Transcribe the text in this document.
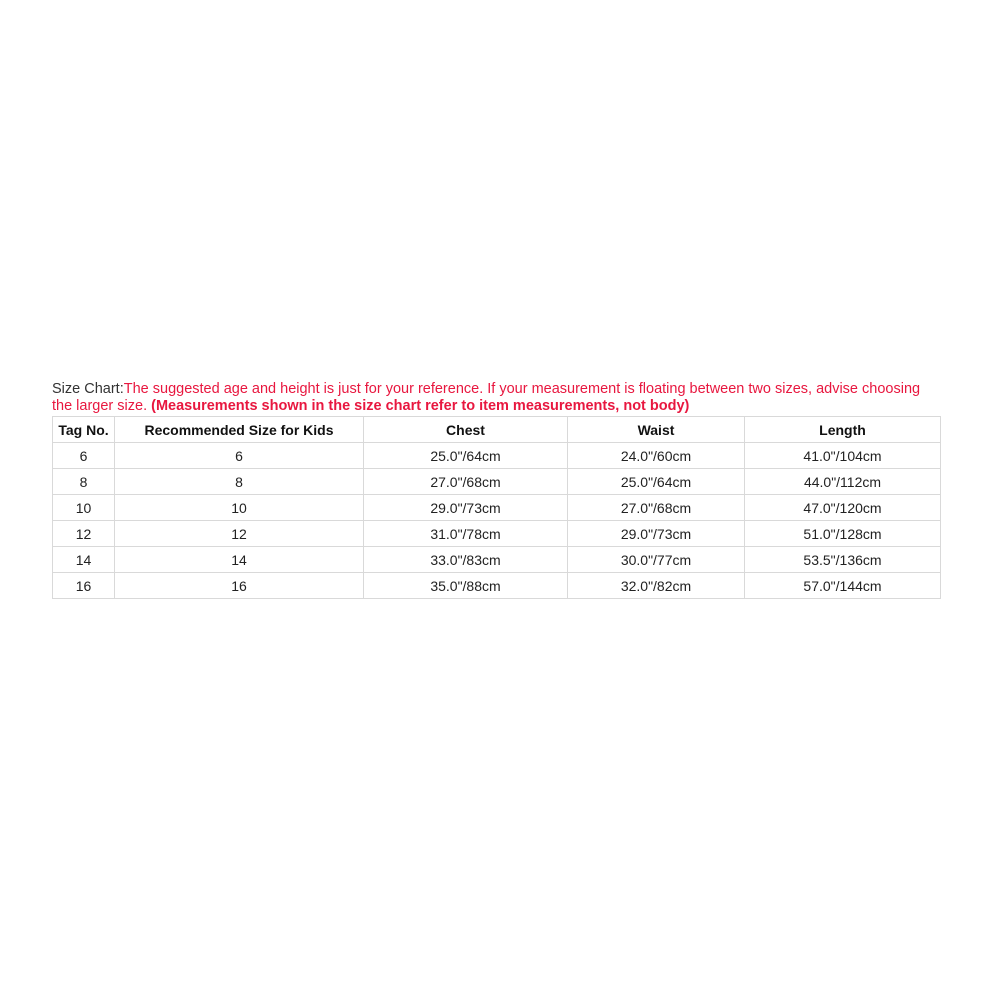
Size Chart:The suggested age and height is just for your reference. If your measurement is floating between two sizes, advise choosing the larger size. (Measurements shown in the size chart refer to item measurements, not body)

Tag No.	Recommended Size for Kids	Chest	Waist	Length
6	6	25.0"/64cm	24.0"/60cm	41.0"/104cm
8	8	27.0"/68cm	25.0"/64cm	44.0"/112cm
10	10	29.0"/73cm	27.0"/68cm	47.0"/120cm
12	12	31.0"/78cm	29.0"/73cm	51.0"/128cm
14	14	33.0"/83cm	30.0"/77cm	53.5"/136cm
16	16	35.0"/88cm	32.0"/82cm	57.0"/144cm
